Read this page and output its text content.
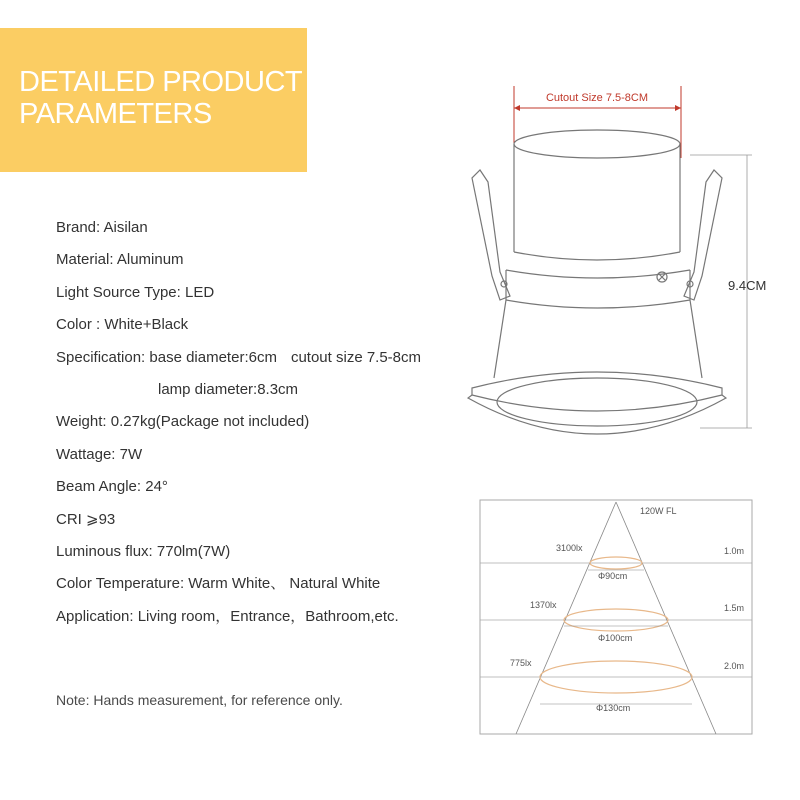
DETAILED PRODUCT
PARAMETERS
Brand: Aisilan
Material: Aluminum
Light Source Type: LED
Color : White+Black
Specification: base diameter:6cm cutout size 7.5-8cm
lamp diameter:8.3cm
Weight: 0.27kg(Package not included)
Wattage: 7W
Beam Angle: 24°
CRI ⩾93
Luminous flux: 770lm(7W)
Color Temperature: Warm White、 Natural White
Application: Living room，Entrance，Bathroom,etc.
Note: Hands measurement, for reference only.
Cutout Size 7.5-8CM
9.4CM
120W FL
3100lx
Φ90cm
1.0m
1370lx
Φ100cm
1.5m
775lx
Φ130cm
2.0m
